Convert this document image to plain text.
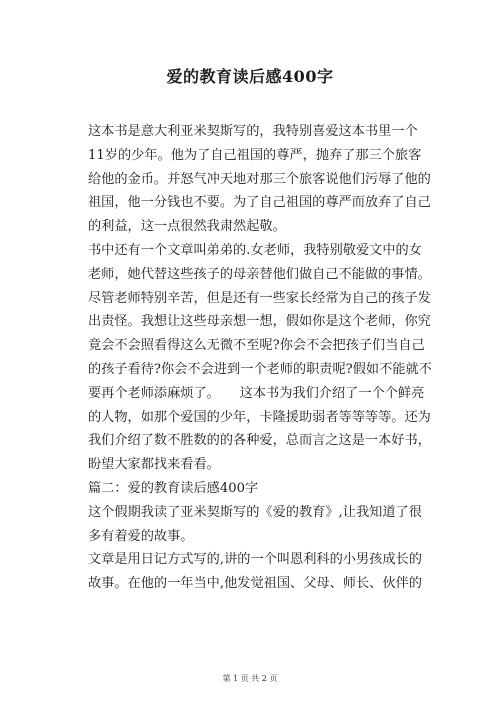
爱的教育读后感400字
这本书是意大利亚米契斯写的，我特别喜爱这本书里一个
11岁的少年。他为了自己祖国的尊严，抛弃了那三个旅客
给他的金币。并怒气冲天地对那三个旅客说他们污辱了他的
祖国，他一分钱也不要。为了自己祖国的尊严而放弃了自己
的利益，这一点很然我肃然起敬。
书中还有一个文章叫弟弟的.女老师，我特别敬爱文中的女
老师，她代替这些孩子的母亲替他们做自己不能做的事情。
尽管老师特别辛苦，但是还有一些家长经常为自己的孩子发
出责怪。我想让这些母亲想一想，假如你是这个老师，你究
竟会不会照看得这么无微不至呢?你会不会把孩子们当自己
的孩子看待?你会不会进到一个老师的职责呢?假如不能就不
要再个老师添麻烦了。　　这本书为我们介绍了一个个鲜亮
的人物，如那个爱国的少年，卡隆援助弱者等等等等。还为
我们介绍了数不胜数的的各种爱，总而言之这是一本好书，
盼望大家都找来看看。
篇二：爱的教育读后感400字
这个假期我读了亚米契斯写的《爱的教育》,让我知道了很
多有着爱的故事。
文章是用日记方式写的,讲的一个叫恩利科的小男孩成长的
故事。在他的一年当中,他发觉祖国、父母、师长、伙伴的
第 1 页 共 2 页
